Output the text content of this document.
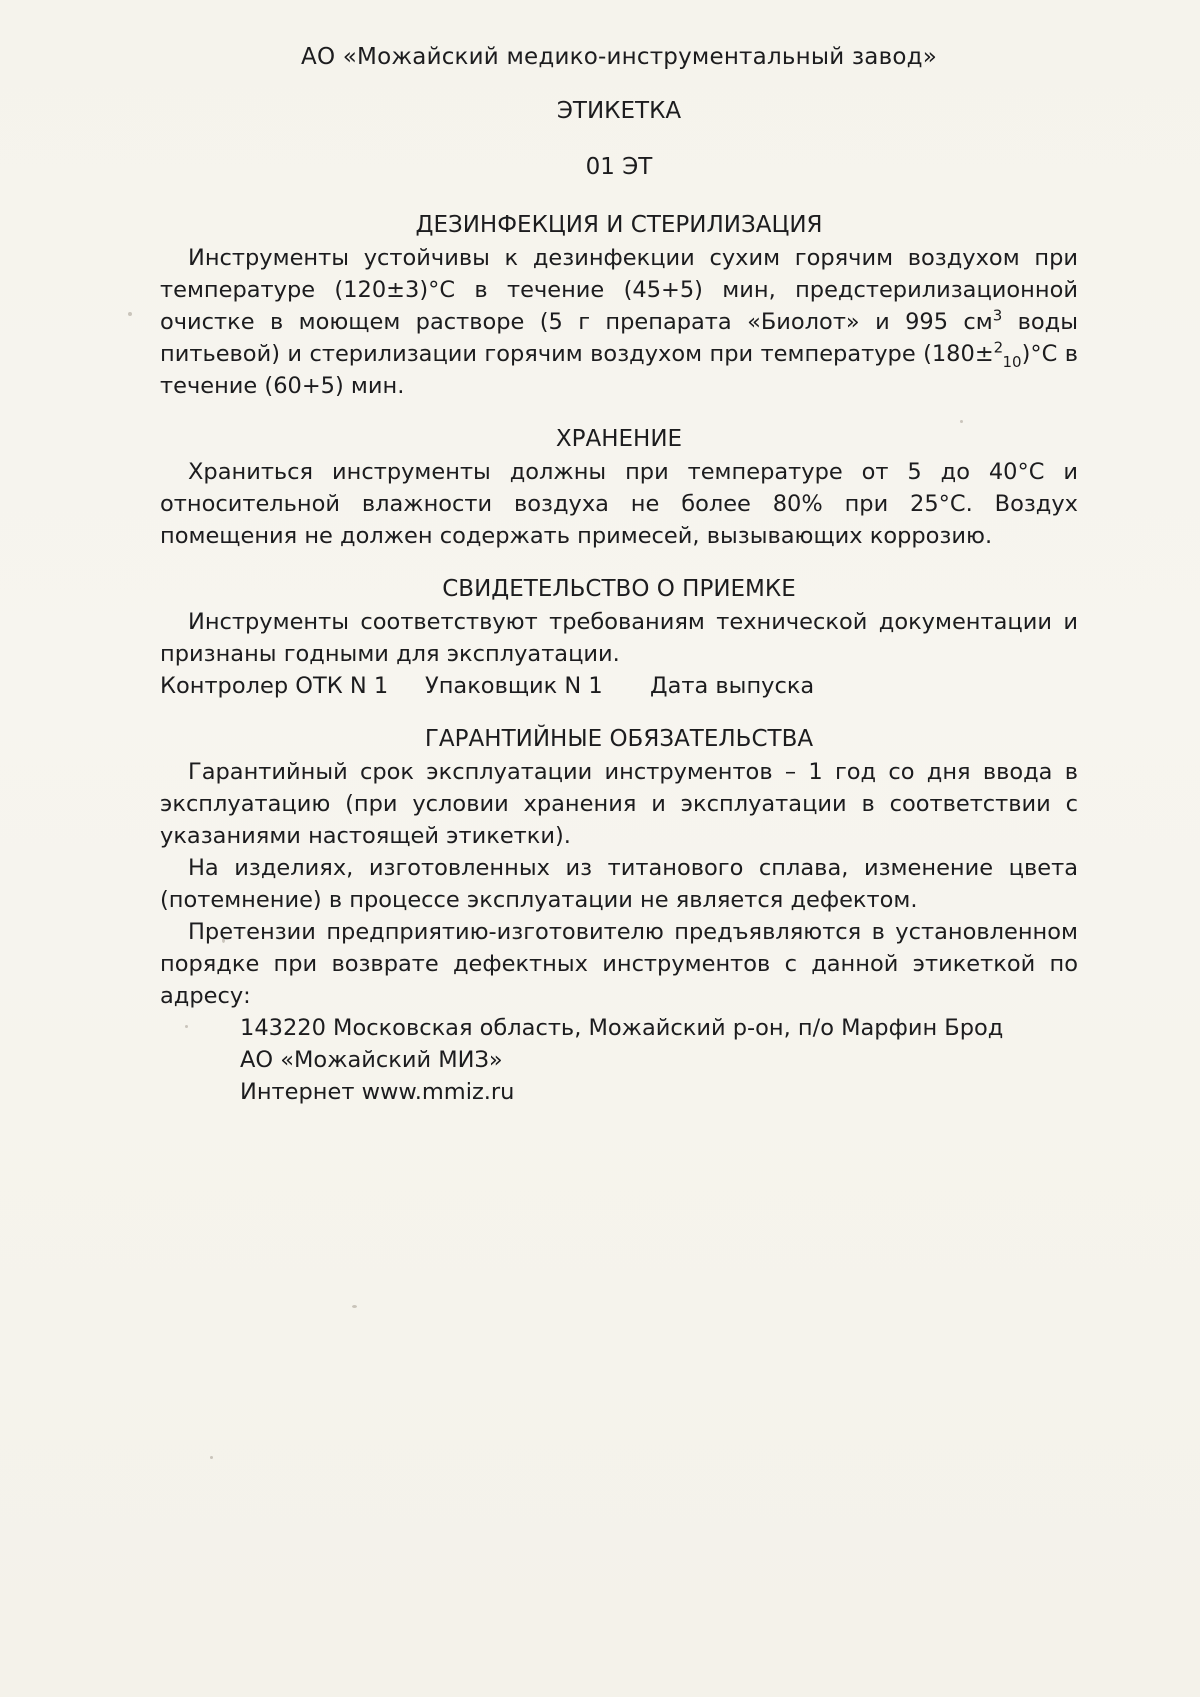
АО «Можайский медико-инструментальный завод»

ЭТИКЕТКА

01 ЭТ

ДЕЗИНФЕКЦИЯ И СТЕРИЛИЗАЦИЯ

Инструменты устойчивы к дезинфекции сухим горячим воздухом при температуре (120±3)°С в течение (45+5) мин, предстерилизационной очистке в моющем растворе (5 г препарата «Биолот» и 995 $см^3$ воды питьевой) и стерилизации горячим воздухом при температуре (180±$^2_{10}$)°С в течение (60+5) мин.

ХРАНЕНИЕ

Храниться инструменты должны при температуре от 5 до 40°С и относительной влажности воздуха не более 80% при 25°С. Воздух помещения не должен содержать примесей, вызывающих коррозию.

СВИДЕТЕЛЬСТВО О ПРИЕМКЕ

Инструменты соответствуют требованиям технической документации и признаны годными для эксплуатации.

Контролер ОТК N 1	Упаковщик N 1	Дата выпуска

ГАРАНТИЙНЫЕ ОБЯЗАТЕЛЬСТВА

Гарантийный срок эксплуатации инструментов – 1 год со дня ввода в эксплуатацию (при условии хранения и эксплуатации в соответствии с указаниями настоящей этикетки).

На изделиях, изготовленных из титанового сплава, изменение цвета (потемнение) в процессе эксплуатации не является дефектом.

Претензии предприятию-изготовителю предъявляются в установленном порядке при возврате дефектных инструментов с данной этикеткой по адресу:

143220 Московская область, Можайский р-он, п/о Марфин Брод

АО «Можайский МИЗ»

Интернет www.mmiz.ru
